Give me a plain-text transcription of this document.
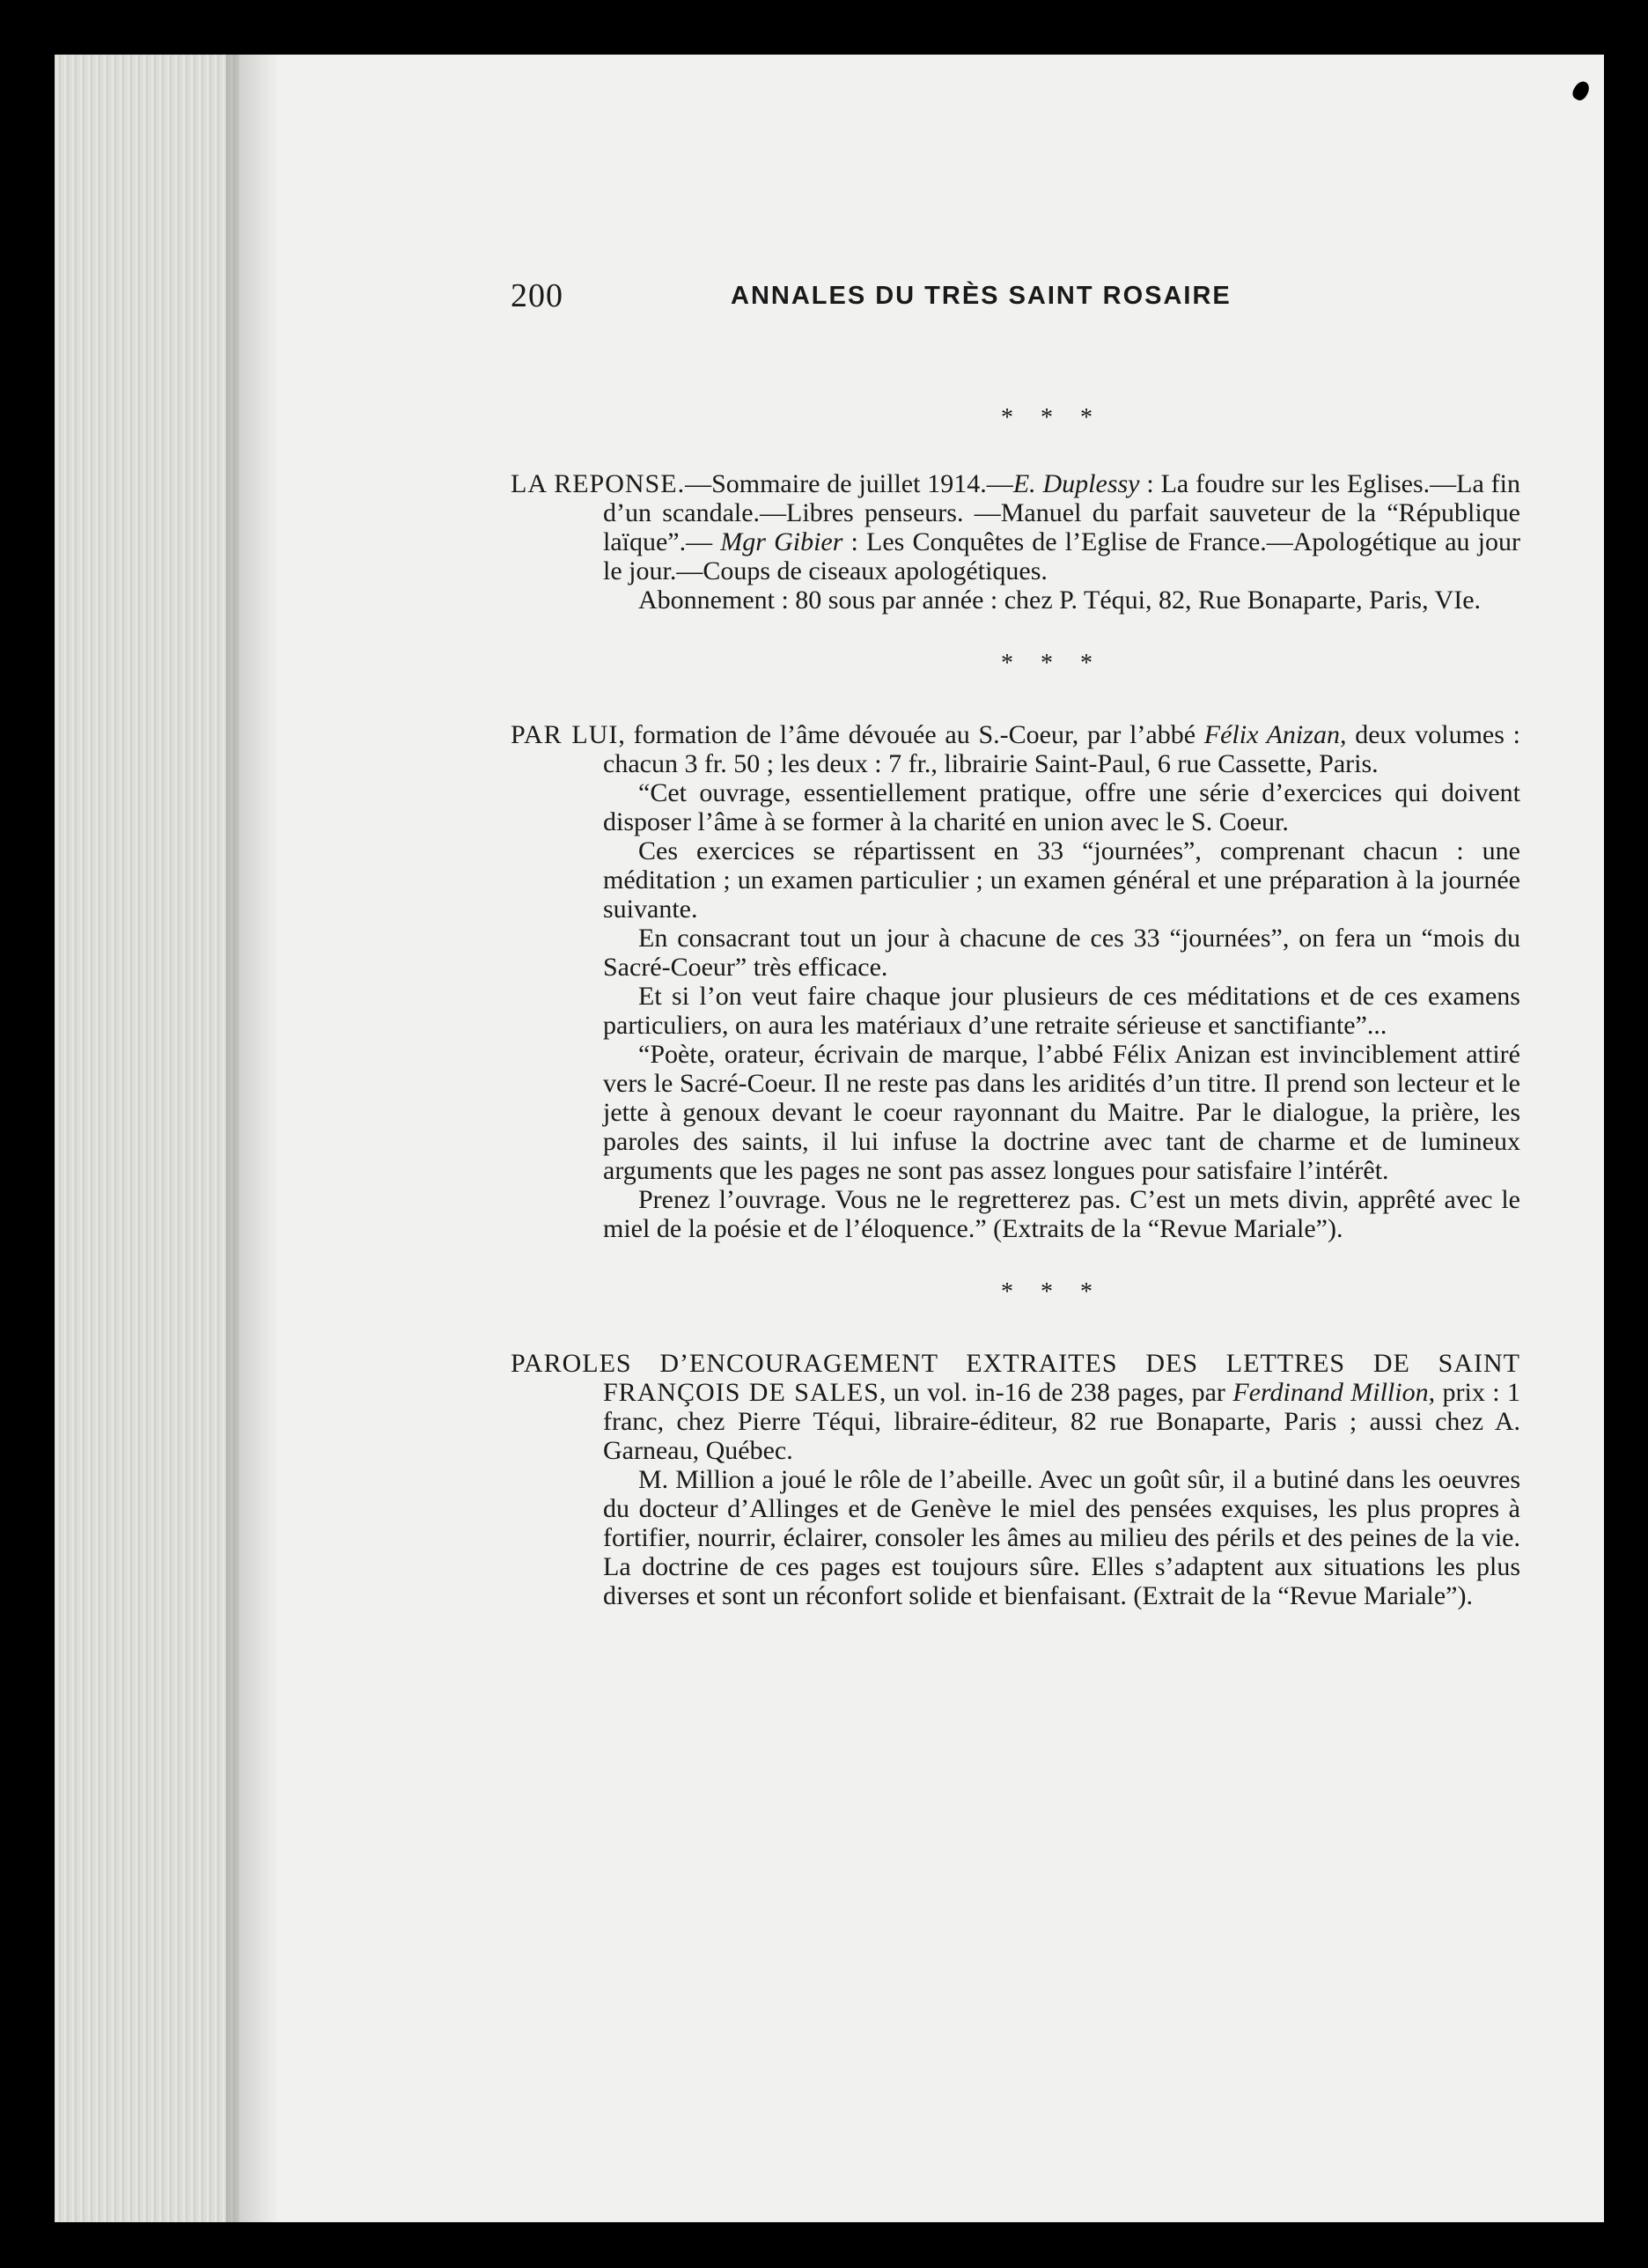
200	ANNALES DU TRÈS SAINT ROSAIRE
* * *

LA REPONSE.—Sommaire de juillet 1914.—E. Duplessy : La foudre sur les Eglises.—La fin d’un scandale.—Libres penseurs. —Manuel du parfait sauveteur de la “République laïque”.— Mgr Gibier : Les Conquêtes de l’Eglise de France.—Apologétique au jour le jour.—Coups de ciseaux apologétiques.

Abonnement : 80 sous par année : chez P. Téqui, 82, Rue Bonaparte, Paris, VIe.

* * *

PAR LUI, formation de l’âme dévouée au S.-Coeur, par l’abbé Félix Anizan, deux volumes : chacun 3 fr. 50 ; les deux : 7 fr., librairie Saint-Paul, 6 rue Cassette, Paris.

“Cet ouvrage, essentiellement pratique, offre une série d’exercices qui doivent disposer l’âme à se former à la charité en union avec le S. Coeur.

Ces exercices se répartissent en 33 “journées”, comprenant chacun : une méditation ; un examen particulier ; un examen général et une préparation à la journée suivante.

En consacrant tout un jour à chacune de ces 33 “journées”, on fera un “mois du Sacré-Coeur” très efficace.

Et si l’on veut faire chaque jour plusieurs de ces méditations et de ces examens particuliers, on aura les matériaux d’une retraite sérieuse et sanctifiante”...

“Poète, orateur, écrivain de marque, l’abbé Félix Anizan est invinciblement attiré vers le Sacré-Coeur. Il ne reste pas dans les aridités d’un titre. Il prend son lecteur et le jette à genoux devant le coeur rayonnant du Maitre. Par le dialogue, la prière, les paroles des saints, il lui infuse la doctrine avec tant de charme et de lumineux arguments que les pages ne sont pas assez longues pour satisfaire l’intérêt.

Prenez l’ouvrage. Vous ne le regretterez pas. C’est un mets divin, apprêté avec le miel de la poésie et de l’éloquence.” (Extraits de la “Revue Mariale”).

* * *

PAROLES D’ENCOURAGEMENT EXTRAITES DES LETTRES DE SAINT FRANÇOIS DE SALES, un vol. in-16 de 238 pages, par Ferdinand Million, prix : 1 franc, chez Pierre Téqui, libraire-éditeur, 82 rue Bonaparte, Paris ; aussi chez A. Garneau, Québec.

M. Million a joué le rôle de l’abeille. Avec un goût sûr, il a butiné dans les oeuvres du docteur d’Allinges et de Genève le miel des pensées exquises, les plus propres à fortifier, nourrir, éclairer, consoler les âmes au milieu des périls et des peines de la vie. La doctrine de ces pages est toujours sûre. Elles s’adaptent aux situations les plus diverses et sont un réconfort solide et bienfaisant. (Extrait de la “Revue Mariale”).
